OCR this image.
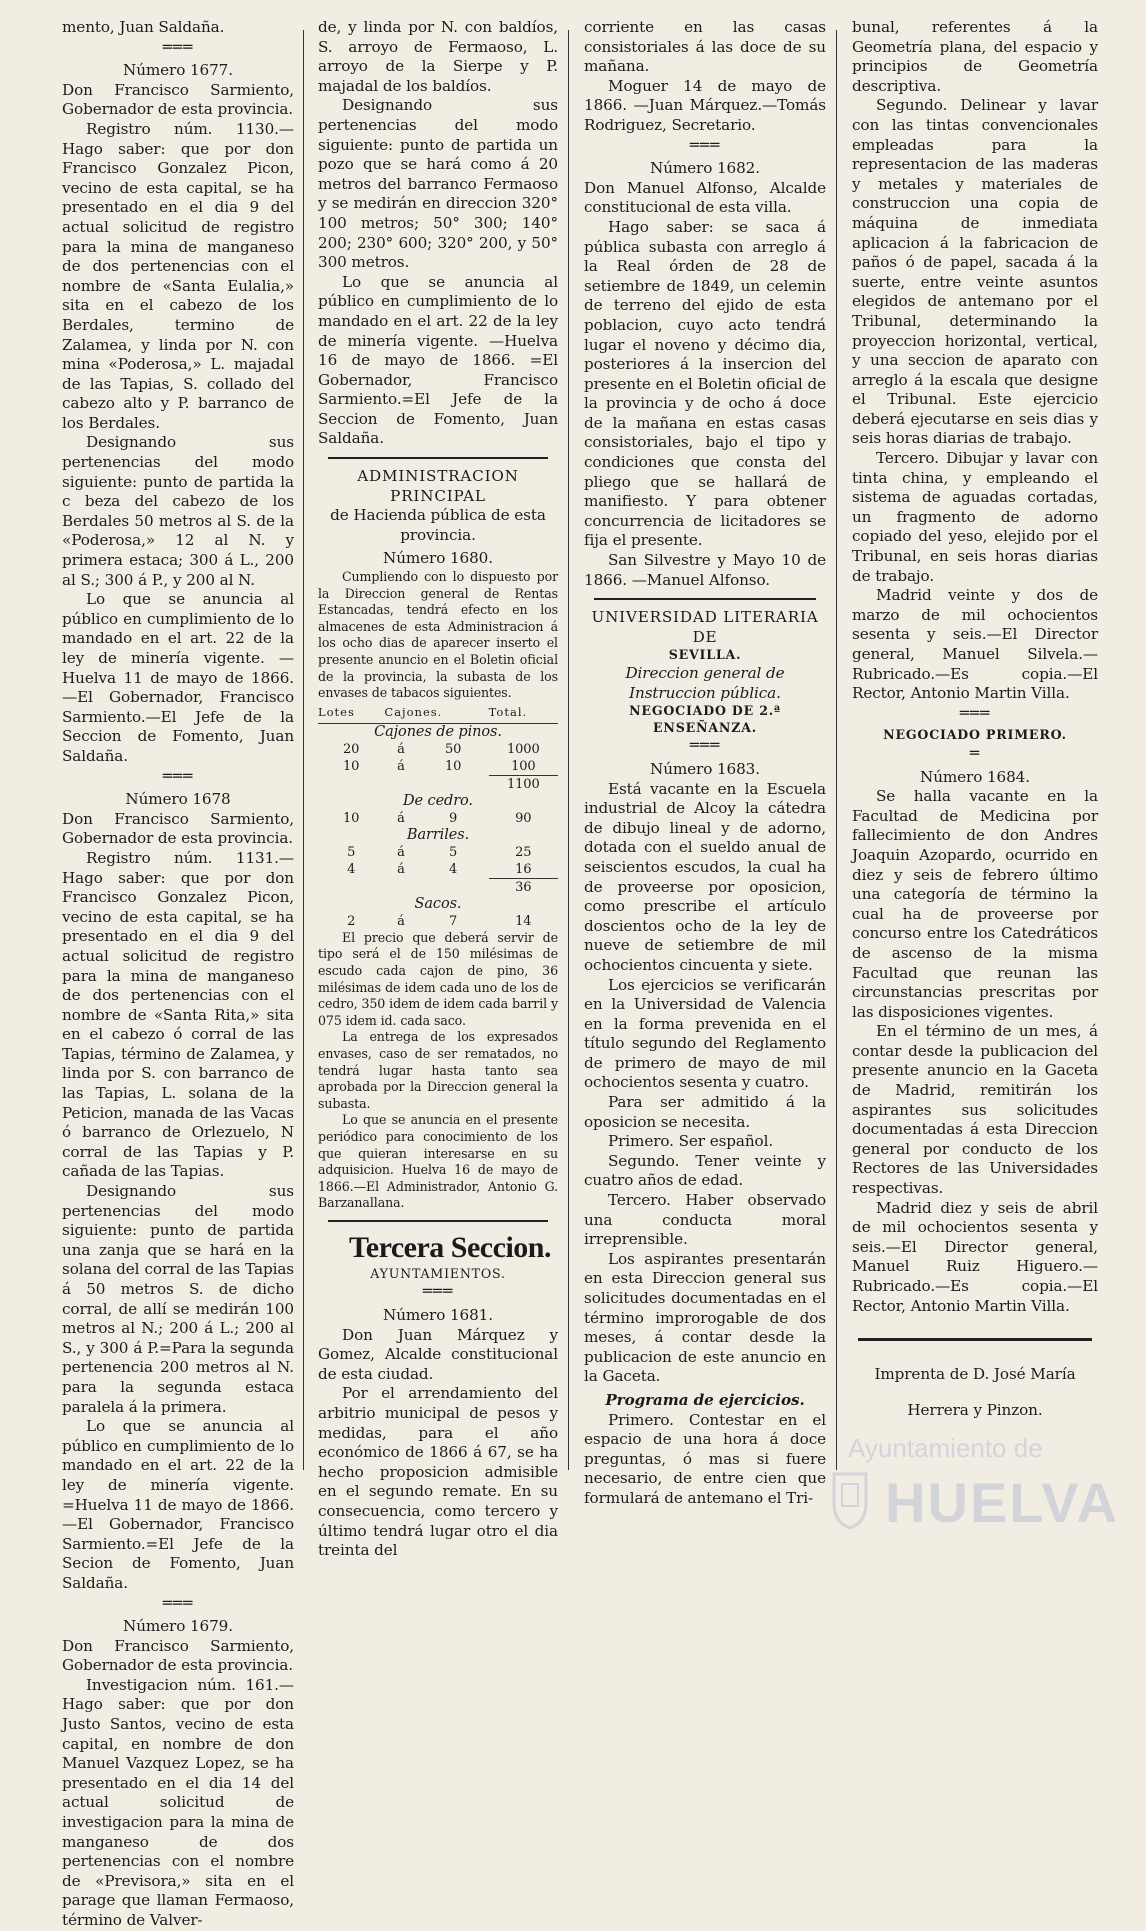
mento, Juan Saldaña.

═══

Número 1677.

Don Francisco Sarmiento, Gobernador de esta provincia.

Registro núm. 1130.—Hago saber: que por don Francisco Gonzalez Picon, vecino de esta capital, se ha presentado en el dia 9 del actual solicitud de registro para la mina de manganeso de dos pertenencias con el nombre de «Santa Eulalia,» sita en el cabezo de los Berdales, termino de Zalamea, y linda por N. con mina «Poderosa,» L. majadal de las Tapias, S. collado del cabezo alto y P. barranco de los Berdales.

Designando sus pertenencias del modo siguiente: punto de partida la c beza del cabezo de los Berdales 50 metros al S. de la «Poderosa,» 12 al N. y primera estaca; 300 á L., 200 al S.; 300 á P., y 200 al N.

Lo que se anuncia al público en cumplimiento de lo mandado en el art. 22 de la ley de minería vigente. —Huelva 11 de mayo de 1866.—El Gobernador, Francisco Sarmiento.—El Jefe de la Seccion de Fomento, Juan Saldaña.

═══

Número 1678

Don Francisco Sarmiento, Gobernador de esta provincia.

Registro núm. 1131.—Hago saber: que por don Francisco Gonzalez Picon, vecino de esta capital, se ha presentado en el dia 9 del actual solicitud de registro para la mina de manganeso de dos pertenencias con el nombre de «Santa Rita,» sita en el cabezo ó corral de las Tapias, término de Zalamea, y linda por S. con barranco de las Tapias, L. solana de la Peticion, manada de las Vacas ó barranco de Orlezuelo, N corral de las Tapias y P. cañada de las Tapias.

Designando sus pertenencias del modo siguiente: punto de partida una zanja que se hará en la solana del corral de las Tapias á 50 metros S. de dicho corral, de allí se medirán 100 metros al N.; 200 á L.; 200 al S., y 300 á P.=Para la segunda pertenencia 200 metros al N. para la segunda estaca paralela á la primera.

Lo que se anuncia al público en cumplimiento de lo mandado en el art. 22 de la ley de minería vigente. =Huelva 11 de mayo de 1866.—El Gobernador, Francisco Sarmiento.=El Jefe de la Secion de Fomento, Juan Saldaña.

═══

Número 1679.

Don Francisco Sarmiento, Gobernador de esta provincia.

Investigacion núm. 161.—Hago saber: que por don Justo Santos, vecino de esta capital, en nombre de don Manuel Vazquez Lopez, se ha presentado en el dia 14 del actual solicitud de investigacion para la mina de manganeso de dos pertenencias con el nombre de «Previsora,» sita en el parage que llaman Fermaoso, término de Valver-

de, y linda por N. con baldíos, S. arroyo de Fermaoso, L. arroyo de la Sierpe y P. majadal de los baldíos.

Designando sus pertenencias del modo siguiente: punto de partida un pozo que se hará como á 20 metros del barranco Fermaoso y se medirán en direccion 320° 100 metros; 50° 300; 140° 200; 230° 600; 320° 200, y 50° 300 metros.

Lo que se anuncia al público en cumplimiento de lo mandado en el art. 22 de la ley de minería vigente. —Huelva 16 de mayo de 1866. =El Gobernador, Francisco Sarmiento.=El Jefe de la Seccion de Fomento, Juan Saldaña.

ADMINISTRACION PRINCIPAL

de Hacienda pública de esta provincia.

Número 1680.

Cumpliendo con lo dispuesto por la Direccion general de Rentas Estancadas, tendrá efecto en los almacenes de esta Administracion á los ocho dias de aparecer inserto el presente anuncio en el Boletin oficial de la provincia, la subasta de los envases de tabacos siguientes.

Lotes	Cajones.		Total.
Cajones de pinos.			
20	á	50	1000
10	á	10	100
			1100
De cedro.			
10	á	9	90
Barriles.			
5	á	5	25
4	á	4	16
			36
Sacos.			
2	á	7	14

El precio que deberá servir de tipo será el de 150 milésimas de escudo cada cajon de pino, 36 milésimas de idem cada uno de los de cedro, 350 idem de idem cada barril y 075 idem id. cada saco.

La entrega de los expresados envases, caso de ser rematados, no tendrá lugar hasta tanto sea aprobada por la Direccion general la subasta.

Lo que se anuncia en el presente periódico para conocimiento de los que quieran interesarse en su adquisicion. Huelva 16 de mayo de 1866.—El Administrador, Antonio G. Barzanallana.

Tercera Seccion.

AYUNTAMIENTOS.

═══

Número 1681.

Don Juan Márquez y Gomez, Alcalde constitucional de esta ciudad.

Por el arrendamiento del arbitrio municipal de pesos y medidas, para el año económico de 1866 á 67, se ha hecho proposicion admisible en el segundo remate. En su consecuencia, como tercero y último tendrá lugar otro el dia treinta del

corriente en las casas consistoriales á las doce de su mañana.

Moguer 14 de mayo de 1866. —Juan Márquez.—Tomás Rodriguez, Secretario.

═══

Número 1682.

Don Manuel Alfonso, Alcalde constitucional de esta villa.

Hago saber: se saca á pública subasta con arreglo á la Real órden de 28 de setiembre de 1849, un celemin de terreno del ejido de esta poblacion, cuyo acto tendrá lugar el noveno y décimo dia, posteriores á la insercion del presente en el Boletin oficial de la provincia y de ocho á doce de la mañana en estas casas consistoriales, bajo el tipo y condiciones que consta del pliego que se hallará de manifiesto. Y para obtener concurrencia de licitadores se fija el presente.

San Silvestre y Mayo 10 de 1866. —Manuel Alfonso.

UNIVERSIDAD LITERARIA DE

SEVILLA.

Direccion general de Instruccion pública.

NEGOCIADO DE 2.ª ENSEÑANZA.

═══

Número 1683.

Está vacante en la Escuela industrial de Alcoy la cátedra de dibujo lineal y de adorno, dotada con el sueldo anual de seiscientos escudos, la cual ha de proveerse por oposicion, como prescribe el artículo doscientos ocho de la ley de nueve de setiembre de mil ochocientos cincuenta y siete.

Los ejercicios se verificarán en la Universidad de Valencia en la forma prevenida en el título segundo del Reglamento de primero de mayo de mil ochocientos sesenta y cuatro.

Para ser admitido á la oposicion se necesita.

Primero. Ser español.

Segundo. Tener veinte y cuatro años de edad.

Tercero. Haber observado una conducta moral irreprensible.

Los aspirantes presentarán en esta Direccion general sus solicitudes documentadas en el término improrogable de dos meses, á contar desde la publicacion de este anuncio en la Gaceta.

Programa de ejercicios.

Primero. Contestar en el espacio de una hora á doce preguntas, ó mas si fuere necesario, de entre cien que formulará de antemano el Tri-

bunal, referentes á la Geometría plana, del espacio y principios de Geometría descriptiva.

Segundo. Delinear y lavar con las tintas convencionales empleadas para la representacion de las maderas y metales y materiales de construccion una copia de máquina de inmediata aplicacion á la fabricacion de paños ó de papel, sacada á la suerte, entre veinte asuntos elegidos de antemano por el Tribunal, determinando la proyeccion horizontal, vertical, y una seccion de aparato con arreglo á la escala que designe el Tribunal. Este ejercicio deberá ejecutarse en seis dias y seis horas diarias de trabajo.

Tercero. Dibujar y lavar con tinta china, y empleando el sistema de aguadas cortadas, un fragmento de adorno copiado del yeso, elejido por el Tribunal, en seis horas diarias de trabajo.

Madrid veinte y dos de marzo de mil ochocientos sesenta y seis.—El Director general, Manuel Silvela.—Rubricado.—Es copia.—El Rector, Antonio Martin Villa.

═══

NEGOCIADO PRIMERO.

═

Número 1684.

Se halla vacante en la Facultad de Medicina por fallecimiento de don Andres Joaquin Azopardo, ocurrido en diez y seis de febrero último una categoría de término la cual ha de proveerse por concurso entre los Catedráticos de ascenso de la misma Facultad que reunan las circunstancias prescritas por las disposiciones vigentes.

En el término de un mes, á contar desde la publicacion del presente anuncio en la Gaceta de Madrid, remitirán los aspirantes sus solicitudes documentadas á esta Direccion general por conducto de los Rectores de las Universidades respectivas.

Madrid diez y seis de abril de mil ochocientos sesenta y seis.—El Director general, Manuel Ruiz Higuero.—Rubricado.—Es copia.—El Rector, Antonio Martin Villa.

Imprenta de D. José María

Herrera y Pinzon.

Ayuntamiento de
HUELVA
